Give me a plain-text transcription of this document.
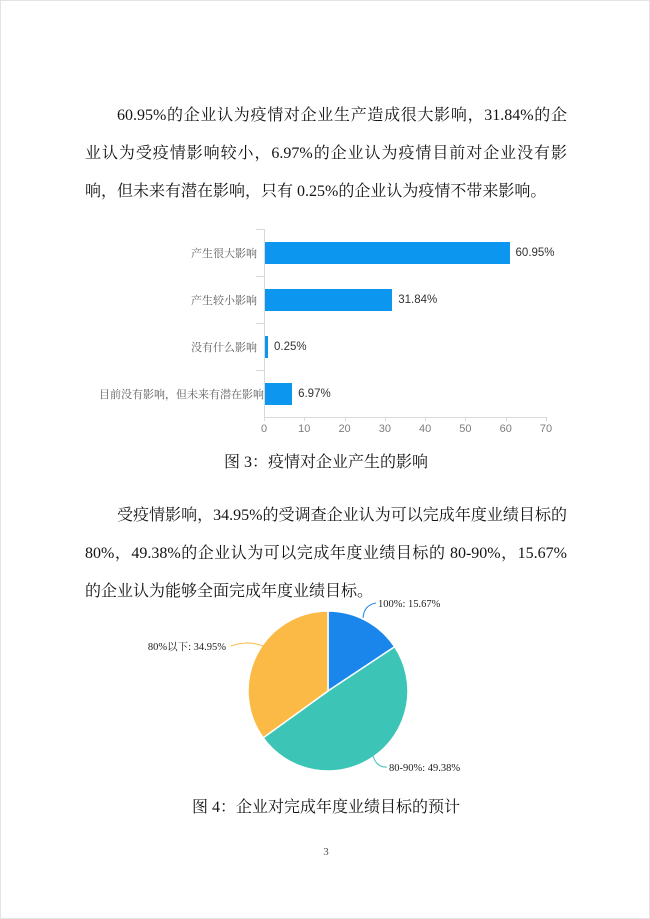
60.95%的企业认为疫情对企业生产造成很大影响，31.84%的企业认为受疫情影响较小，6.97%的企业认为疫情目前对企业没有影响，但未来有潜在影响，只有 0.25%的企业认为疫情不带来影响。

产生很大影响	60.95%
产生较小影响	31.84%
没有什么影响 0.25%
目前没有影响，但未来有潜在影响	6.97%
0	10	20	30	40	50	60	70
图 3：疫情对企业产生的影响

受疫情影响，34.95%的受调查企业认为可以完成年度业绩目标的 80%，49.38%的企业认为可以完成年度业绩目标的 80-90%，15.67%的企业认为能够全面完成年度业绩目标。

100%: 15.67%
80-90%: 49.38%
80%以下: 34.95%
图 4：企业对完成年度业绩目标的预计
3
